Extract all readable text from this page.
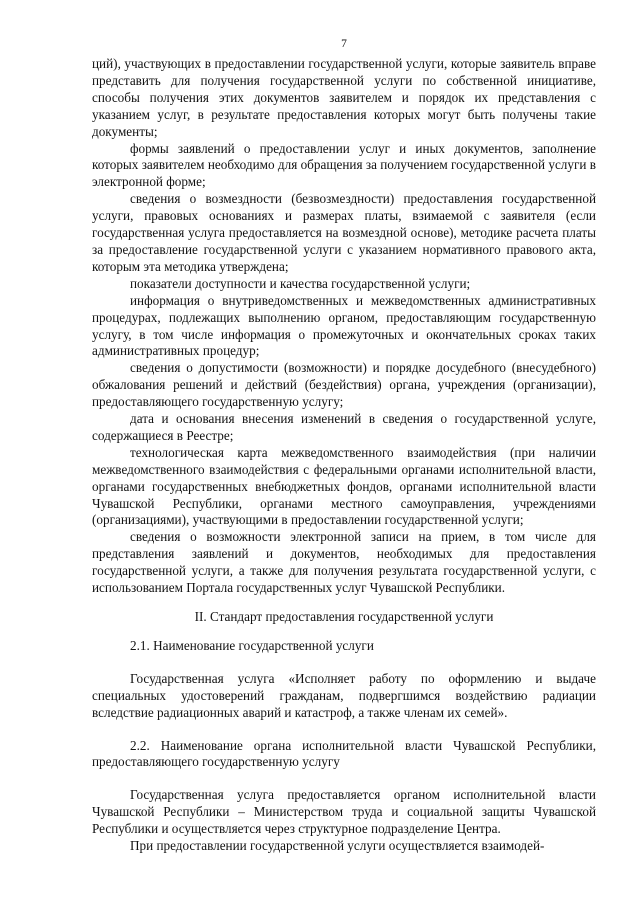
7

ций), участвующих в предоставлении государственной услуги, которые заявитель вправе представить для получения государственной услуги по собственной инициативе, способы получения этих документов заявителем и порядок их представления с указанием услуг, в результате предоставления которых могут быть получены такие документы;

формы заявлений о предоставлении услуг и иных документов, заполнение которых заявителем необходимо для обращения за получением государственной услуги в электронной форме;

сведения о возмездности (безвозмездности) предоставления государственной услуги, правовых основаниях и размерах платы, взимаемой с заявителя (если государственная услуга предоставляется на возмездной основе), методике расчета платы за предоставление государственной услуги с указанием нормативного правового акта, которым эта методика утверждена;

показатели доступности и качества государственной услуги;

информация о внутриведомственных и межведомственных административных процедурах, подлежащих выполнению органом, предоставляющим государственную услугу, в том числе информация о промежуточных и окончательных сроках таких административных процедур;

сведения о допустимости (возможности) и порядке досудебного (внесудебного) обжалования решений и действий (бездействия) органа, учреждения (организации), предоставляющего государственную услугу;

дата и основания внесения изменений в сведения о государственной услуге, содержащиеся в Реестре;

технологическая карта межведомственного взаимодействия (при наличии межведомственного взаимодействия с федеральными органами исполнительной власти, органами государственных внебюджетных фондов, органами исполнительной власти Чувашской Республики, органами местного самоуправления, учреждениями (организациями), участвующими в предоставлении государственной услуги;

сведения о возможности электронной записи на прием, в том числе для представления заявлений и документов, необходимых для предоставления государственной услуги, а также для получения результата государственной услуги, с использованием Портала государственных услуг Чувашской Республики.

II. Стандарт предоставления государственной услуги

2.1. Наименование государственной услуги

Государственная услуга «Исполняет работу по оформлению и выдаче специальных удостоверений гражданам, подвергшимся воздействию радиации вследствие радиационных аварий и катастроф, а также членам их семей».

2.2. Наименование органа исполнительной власти Чувашской Республики, предоставляющего государственную услугу

Государственная услуга предоставляется органом исполнительной власти Чувашской Республики – Министерством труда и социальной защиты Чувашской Республики и осуществляется через структурное подразделение Центра.

При предоставлении государственной услуги осуществляется взаимодей-
